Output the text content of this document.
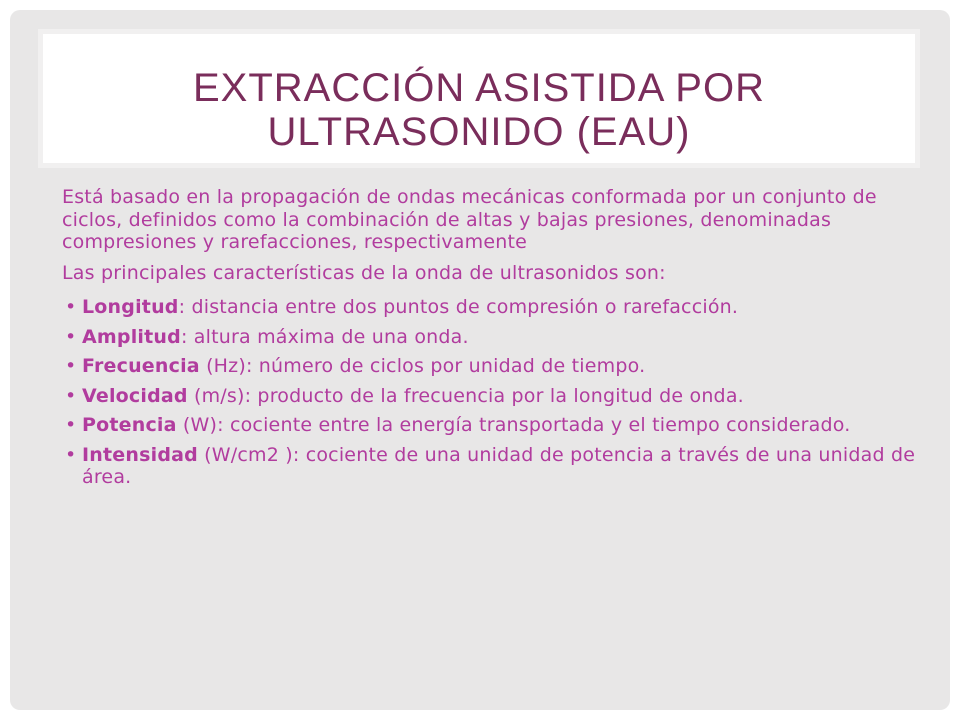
EXTRACCIÓN ASISTIDA POR ULTRASONIDO (EAU)

Está basado en la propagación de ondas mecánicas conformada por un conjunto de ciclos, definidos como la combinación de altas y bajas presiones, denominadas compresiones y rarefacciones, respectivamente

Las principales características de la onda de ultrasonidos son:

• Longitud: distancia entre dos puntos de compresión o rarefacción.
• Amplitud: altura máxima de una onda.
• Frecuencia (Hz): número de ciclos por unidad de tiempo.
• Velocidad (m/s): producto de la frecuencia por la longitud de onda.
• Potencia (W): cociente entre la energía transportada y el tiempo considerado.
• Intensidad (W/cm2 ): cociente de una unidad de potencia a través de una unidad de área.
